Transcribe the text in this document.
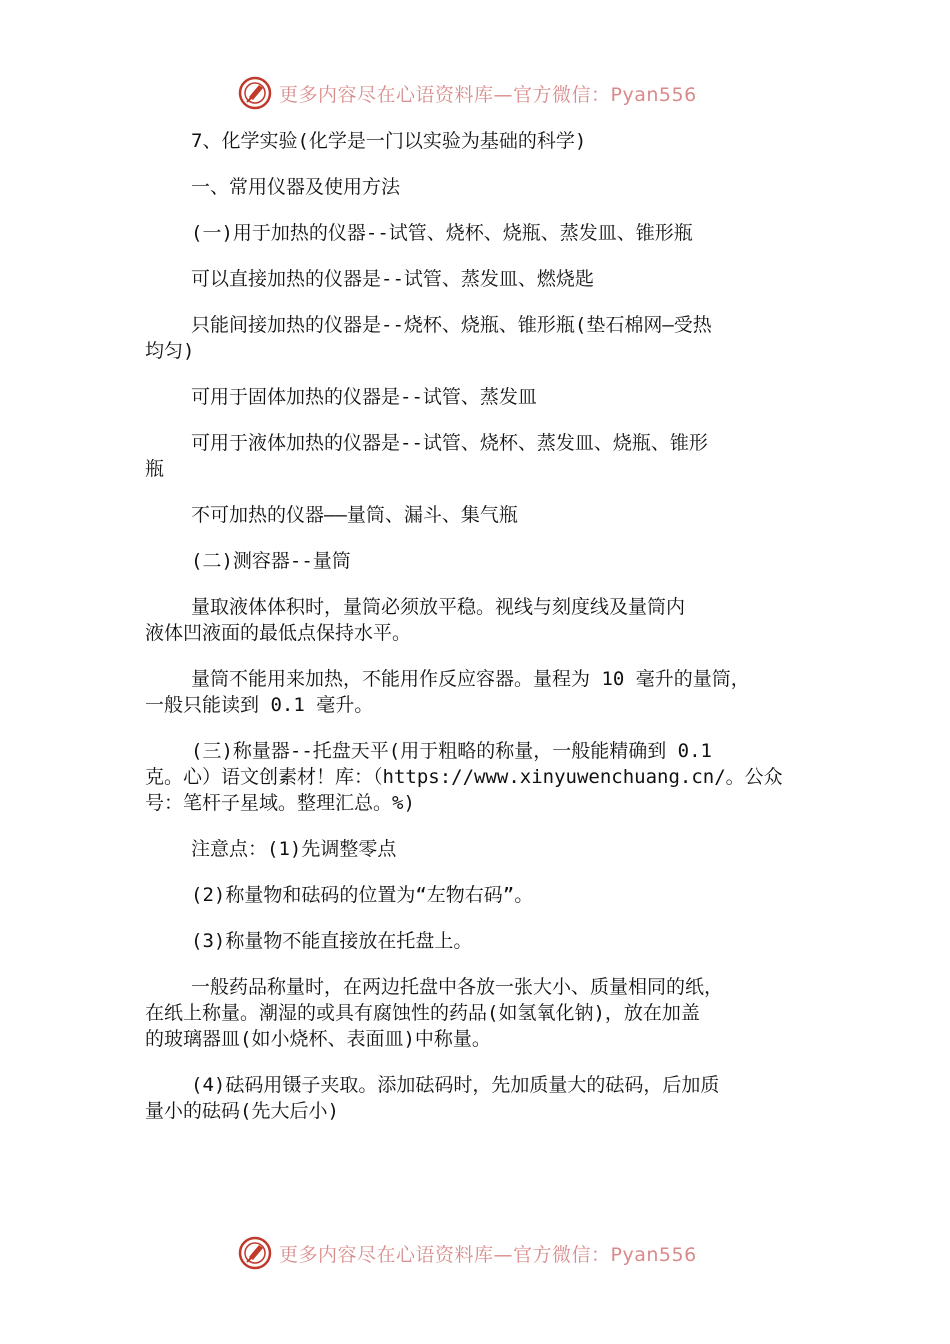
更多内容尽在心语资料库—官方微信：Pyan556

7、化学实验(化学是一门以实验为基础的科学)

一、常用仪器及使用方法

(一)用于加热的仪器--试管、烧杯、烧瓶、蒸发皿、锥形瓶

可以直接加热的仪器是--试管、蒸发皿、燃烧匙

只能间接加热的仪器是--烧杯、烧瓶、锥形瓶(垫石棉网—受热
均匀)

可用于固体加热的仪器是--试管、蒸发皿

可用于液体加热的仪器是--试管、烧杯、蒸发皿、烧瓶、锥形
瓶

不可加热的仪器——量筒、漏斗、集气瓶

(二)测容器--量筒

量取液体体积时，量筒必须放平稳。视线与刻度线及量筒内
液体凹液面的最低点保持水平。

量筒不能用来加热，不能用作反应容器。量程为 10 毫升的量筒，
一般只能读到 0.1 毫升。

(三)称量器--托盘天平(用于粗略的称量，一般能精确到 0.1
克。心）语文创素材！库：（https://www.xinyuwenchuang.cn/。公众
号：笔杆子星域。整理汇总。%)

注意点：(1)先调整零点

(2)称量物和砝码的位置为“左物右码”。

(3)称量物不能直接放在托盘上。

一般药品称量时，在两边托盘中各放一张大小、质量相同的纸，
在纸上称量。潮湿的或具有腐蚀性的药品(如氢氧化钠)，放在加盖
的玻璃器皿(如小烧杯、表面皿)中称量。

(4)砝码用镊子夹取。添加砝码时，先加质量大的砝码，后加质
量小的砝码(先大后小)

更多内容尽在心语资料库—官方微信：Pyan556
